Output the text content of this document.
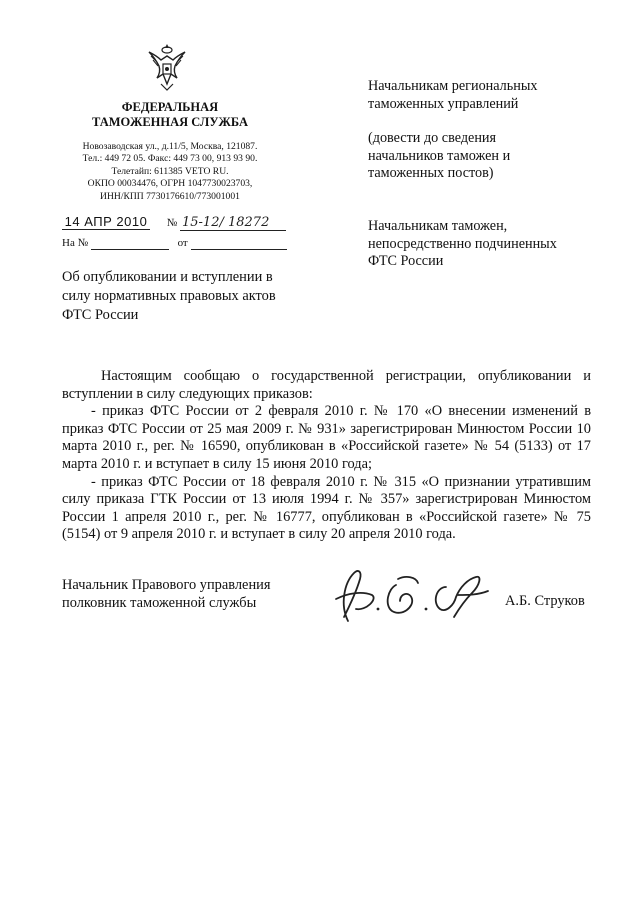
ФЕДЕРАЛЬНАЯ
ТАМОЖЕННАЯ СЛУЖБА
Новозаводская ул., д.11/5, Москва, 121087.
Тел.: 449 72 05. Факс: 449 73 00, 913 93 90.
Телетайп: 611385 VETO RU.
ОКПО 00034476, ОГРН 1047730023703,
ИНН/КПП 7730176610/773001001
14 АПР 2010 № 15-12/ 18272
На №	от
Об опубликовании и вступлении в
силу нормативных правовых актов
ФТС России
Начальникам региональных
таможенных управлений
(довести до сведения
начальников таможен и
таможенных постов)
Начальникам таможен,
непосредственно подчиненных
ФТС России

Настоящим сообщаю о государственной регистрации, опубликовании и вступлении в силу следующих приказов:

- приказ ФТС России от 2 февраля 2010 г. № 170 «О внесении изменений в приказ ФТС России от 25 мая 2009 г. № 931» зарегистрирован Минюстом России 10 марта 2010 г., рег. № 16590, опубликован в «Российской газете» № 54 (5133) от 17 марта 2010 г. и вступает в силу 15 июня 2010 года;

- приказ ФТС России от 18 февраля 2010 г. № 315 «О признании утратившим силу приказа ГТК России от 13 июля 1994 г. № 357» зарегистрирован Минюстом России 1 апреля 2010 г., рег. № 16777, опубликован в «Российской газете» № 75 (5154) от 9 апреля 2010 г. и вступает в силу 20 апреля 2010 года.

Начальник Правового управления
полковник таможенной службы	А.Б. Струков
